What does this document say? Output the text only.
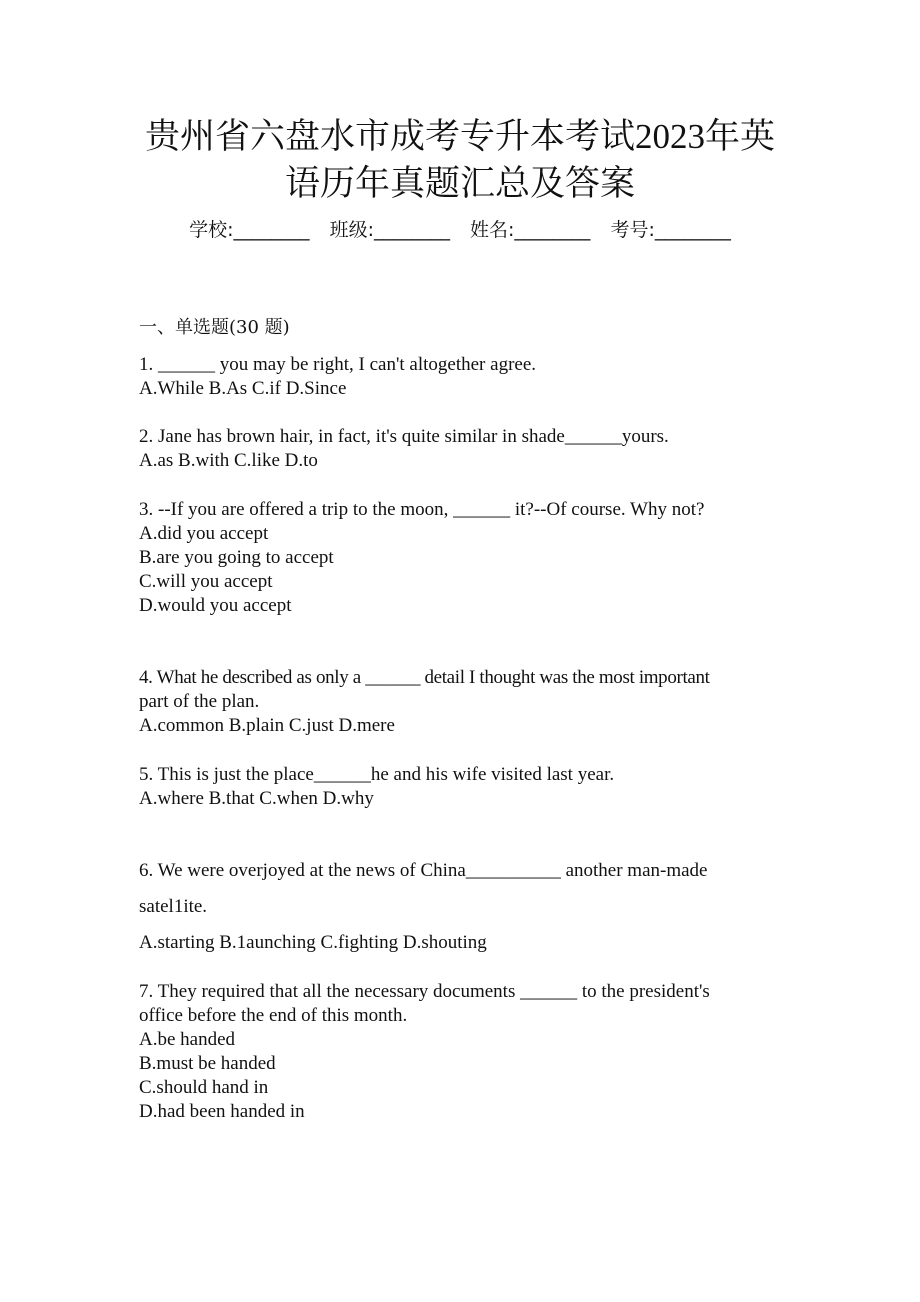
贵州省六盘水市成考专升本考试2023年英
语历年真题汇总及答案
学校:________ 班级:________ 姓名:________ 考号:________
一、单选题(30 题)
1. ______ you may be right, I can't altogether agree.
A.While B.As C.if D.Since
2. Jane has brown hair, in fact, it's quite similar in shade______yours.
A.as B.with C.like D.to
3. --If you are offered a trip to the moon, ______ it?--Of course. Why not?
A.did you accept
B.are you going to accept
C.will you accept
D.would you accept
4. What he described as only a ______ detail I thought was the most important
part of the plan.
A.common B.plain C.just D.mere
5. This is just the place______he and his wife visited last year.
A.where B.that C.when D.why
6. We were overjoyed at the news of China__________ another man-made
satel1ite.
A.starting B.1aunching C.fighting D.shouting
7. They required that all the necessary documents ______ to the president's
office before the end of this month.
A.be handed
B.must be handed
C.should hand in
D.had been handed in
